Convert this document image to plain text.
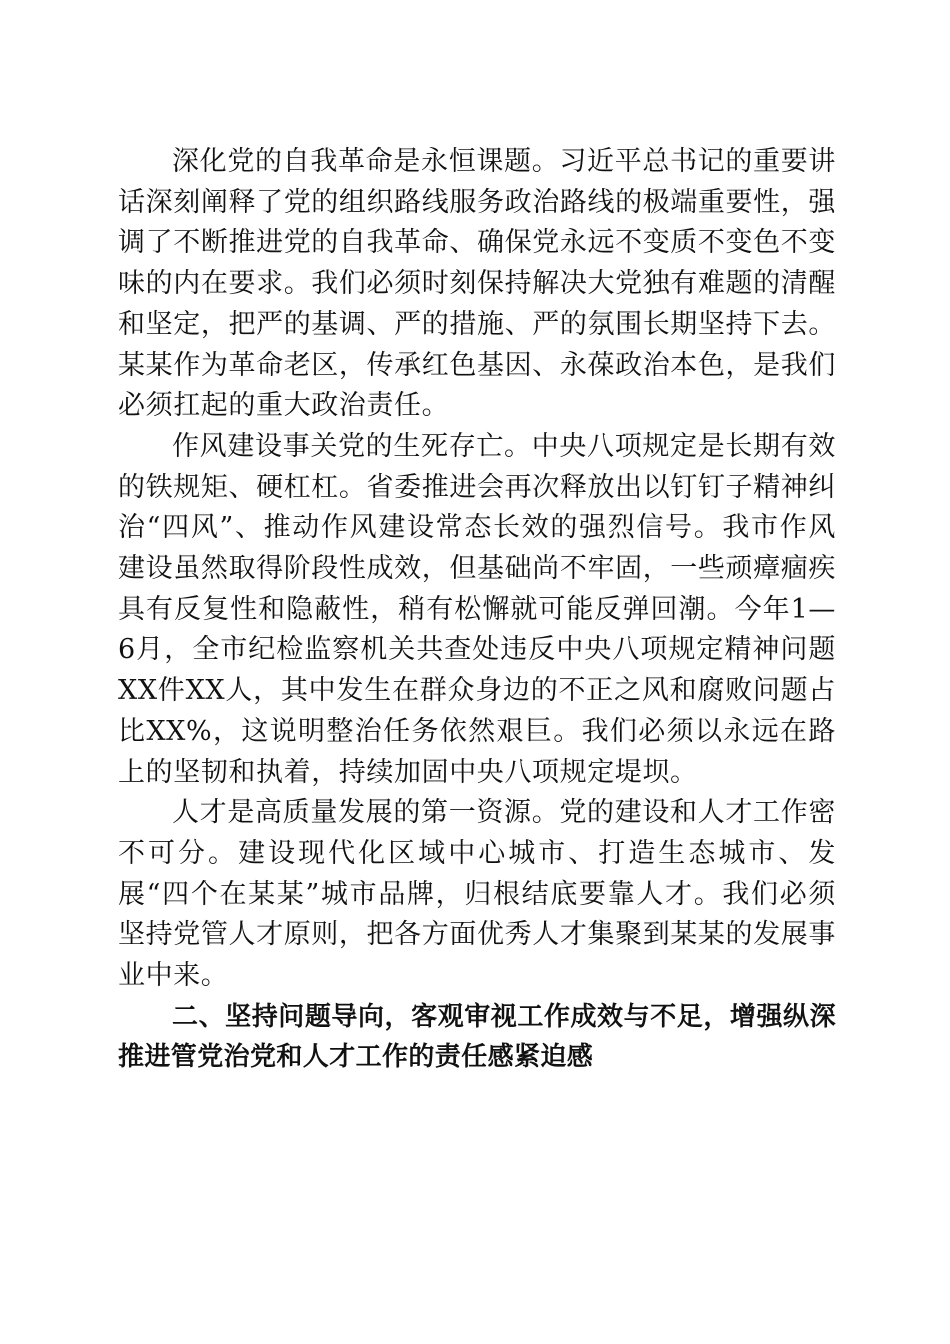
深化党的自我革命是永恒课题。习近平总书记的重要讲话深刻阐释了党的组织路线服务政治路线的极端重要性，强调了不断推进党的自我革命、确保党永远不变质不变色不变味的内在要求。我们必须时刻保持解决大党独有难题的清醒和坚定，把严的基调、严的措施、严的氛围长期坚持下去。某某作为革命老区，传承红色基因、永葆政治本色，是我们必须扛起的重大政治责任。

作风建设事关党的生死存亡。中央八项规定是长期有效的铁规矩、硬杠杠。省委推进会再次释放出以钉钉子精神纠治“四风”、推动作风建设常态长效的强烈信号。我市作风建设虽然取得阶段性成效，但基础尚不牢固，一些顽瘴痼疾具有反复性和隐蔽性，稍有松懈就可能反弹回潮。今年1—6月，全市纪检监察机关共查处违反中央八项规定精神问题XX件XX人，其中发生在群众身边的不正之风和腐败问题占比XX%，这说明整治任务依然艰巨。我们必须以永远在路上的坚韧和执着，持续加固中央八项规定堤坝。

人才是高质量发展的第一资源。党的建设和人才工作密不可分。建设现代化区域中心城市、打造生态城市、发展“四个在某某”城市品牌，归根结底要靠人才。我们必须坚持党管人才原则，把各方面优秀人才集聚到某某的发展事业中来。

二、坚持问题导向，客观审视工作成效与不足，增强纵深推进管党治党和人才工作的责任感紧迫感
